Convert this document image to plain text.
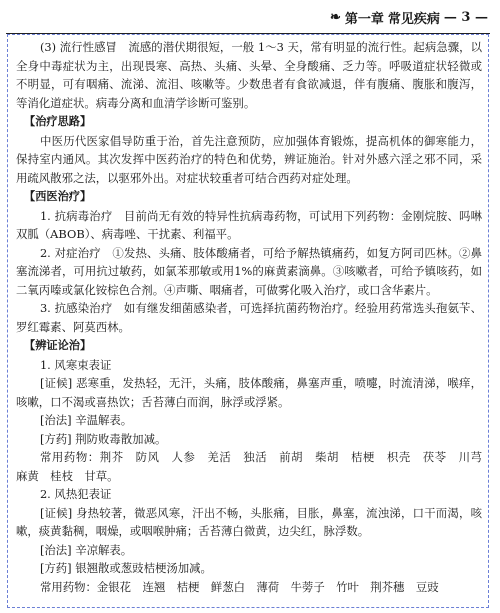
❧ 第一章 常见疾病 — 3 —

(3) 流行性感冒　流感的潜伏期很短，一般 1～3 天，常有明显的流行性。起病急骤，以全身中毒症状为主，出现畏寒、高热、头痛、头晕、全身酸痛、乏力等。呼吸道症状轻微或不明显，可有咽痛、流涕、流泪、咳嗽等。少数患者有食欲减退，伴有腹痛、腹胀和腹泻，等消化道症状。病毒分离和血清学诊断可鉴别。

【治疗思路】

中医历代医家倡导防重于治，首先注意预防，应加强体育锻炼，提高机体的御寒能力，保持室内通风。其次发挥中医药治疗的特色和优势，辨证施治。针对外感六淫之邪不同，采用疏风散邪之法，以驱邪外出。对症状较重者可结合西药对症处理。

【西医治疗】

1. 抗病毒治疗　目前尚无有效的特异性抗病毒药物，可试用下列药物：金刚烷胺、吗啉双胍（ABOB）、病毒唑、干扰素、利福平。

2. 对症治疗　①发热、头痛、肢体酸痛者，可给予解热镇痛药，如复方阿司匹林。②鼻塞流涕者，可用抗过敏药，如氯苯那敏或用1%的麻黄素滴鼻。③咳嗽者，可给予镇咳药，如二氧丙嗪或氯化铵棕色合剂。④声嘶、咽痛者，可做雾化吸入治疗，或口含华素片。

3. 抗感染治疗　如有继发细菌感染者，可选择抗菌药物治疗。经验用药常选头孢氨苄、罗红霉素、阿莫西林。

【辨证论治】

1. 风寒束表证

[证候] 恶寒重，发热轻，无汗，头痛，肢体酸痛，鼻塞声重，喷嚏，时流清涕，喉痒，咳嗽，口不渴或喜热饮；舌苔薄白而润，脉浮或浮紧。

[治法] 辛温解表。

[方药] 荆防败毒散加减。

常用药物：荆芥　防风　人参　羌活　独活　前胡　柴胡　桔梗　枳壳　茯苓　川芎　麻黄　桂枝　甘草。

2. 风热犯表证

[证候] 身热较著，微恶风寒，汗出不畅，头胀痛，目胀，鼻塞，流浊涕，口干而渴，咳嗽，痰黄黏稠，咽燥，或咽喉肿痛；舌苔薄白微黄，边尖红，脉浮数。

[治法] 辛凉解表。

[方药] 银翘散或葱豉桔梗汤加减。

常用药物：金银花　连翘　桔梗　鲜葱白　薄荷　牛蒡子　竹叶　荆芥穗　豆豉
